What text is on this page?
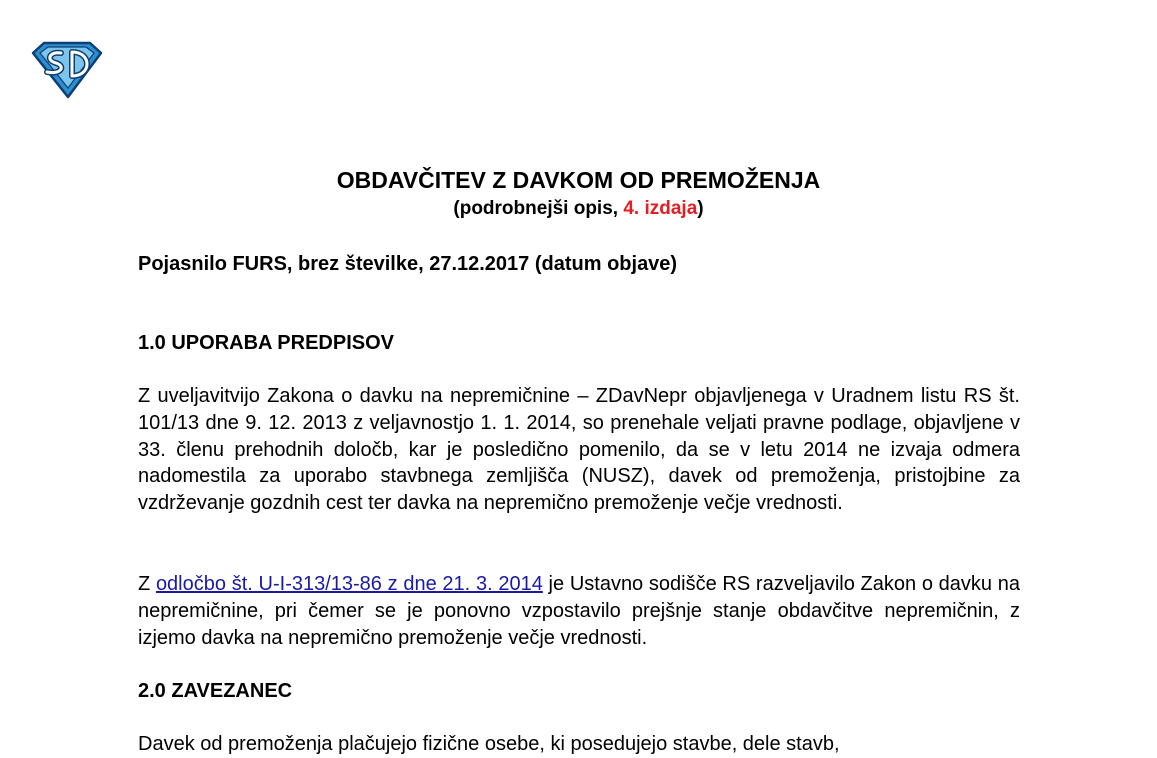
OBDAVČITEV Z DAVKOM OD PREMOŽENJA
(podrobnejši opis, 4. izdaja)
Pojasnilo FURS, brez številke, 27.12.2017 (datum objave)
1.0 UPORABA PREDPISOV
Z uveljavitvijo Zakona o davku na nepremičnine – ZDavNepr objavljenega v Uradnem listu RS št. 101/13 dne 9. 12. 2013 z veljavnostjo 1. 1. 2014, so prenehale veljati pravne podlage, objavljene v 33. členu prehodnih določb, kar je posledično pomenilo, da se v letu 2014 ne izvaja odmera nadomestila za uporabo stavbnega zemljišča (NUSZ), davek od premoženja, pristojbine za vzdrževanje gozdnih cest ter davka na nepremično premoženje večje vrednosti.
Z odločbo št. U-I-313/13-86 z dne 21. 3. 2014 je Ustavno sodišče RS razveljavilo Zakon o davku na nepremičnine, pri čemer se je ponovno vzpostavilo prejšnje stanje obdavčitve nepremičnin, z izjemo davka na nepremično premoženje večje vrednosti.
2.0 ZAVEZANEC
Davek od premoženja plačujejo fizične osebe, ki posedujejo stavbe, dele stavb,
